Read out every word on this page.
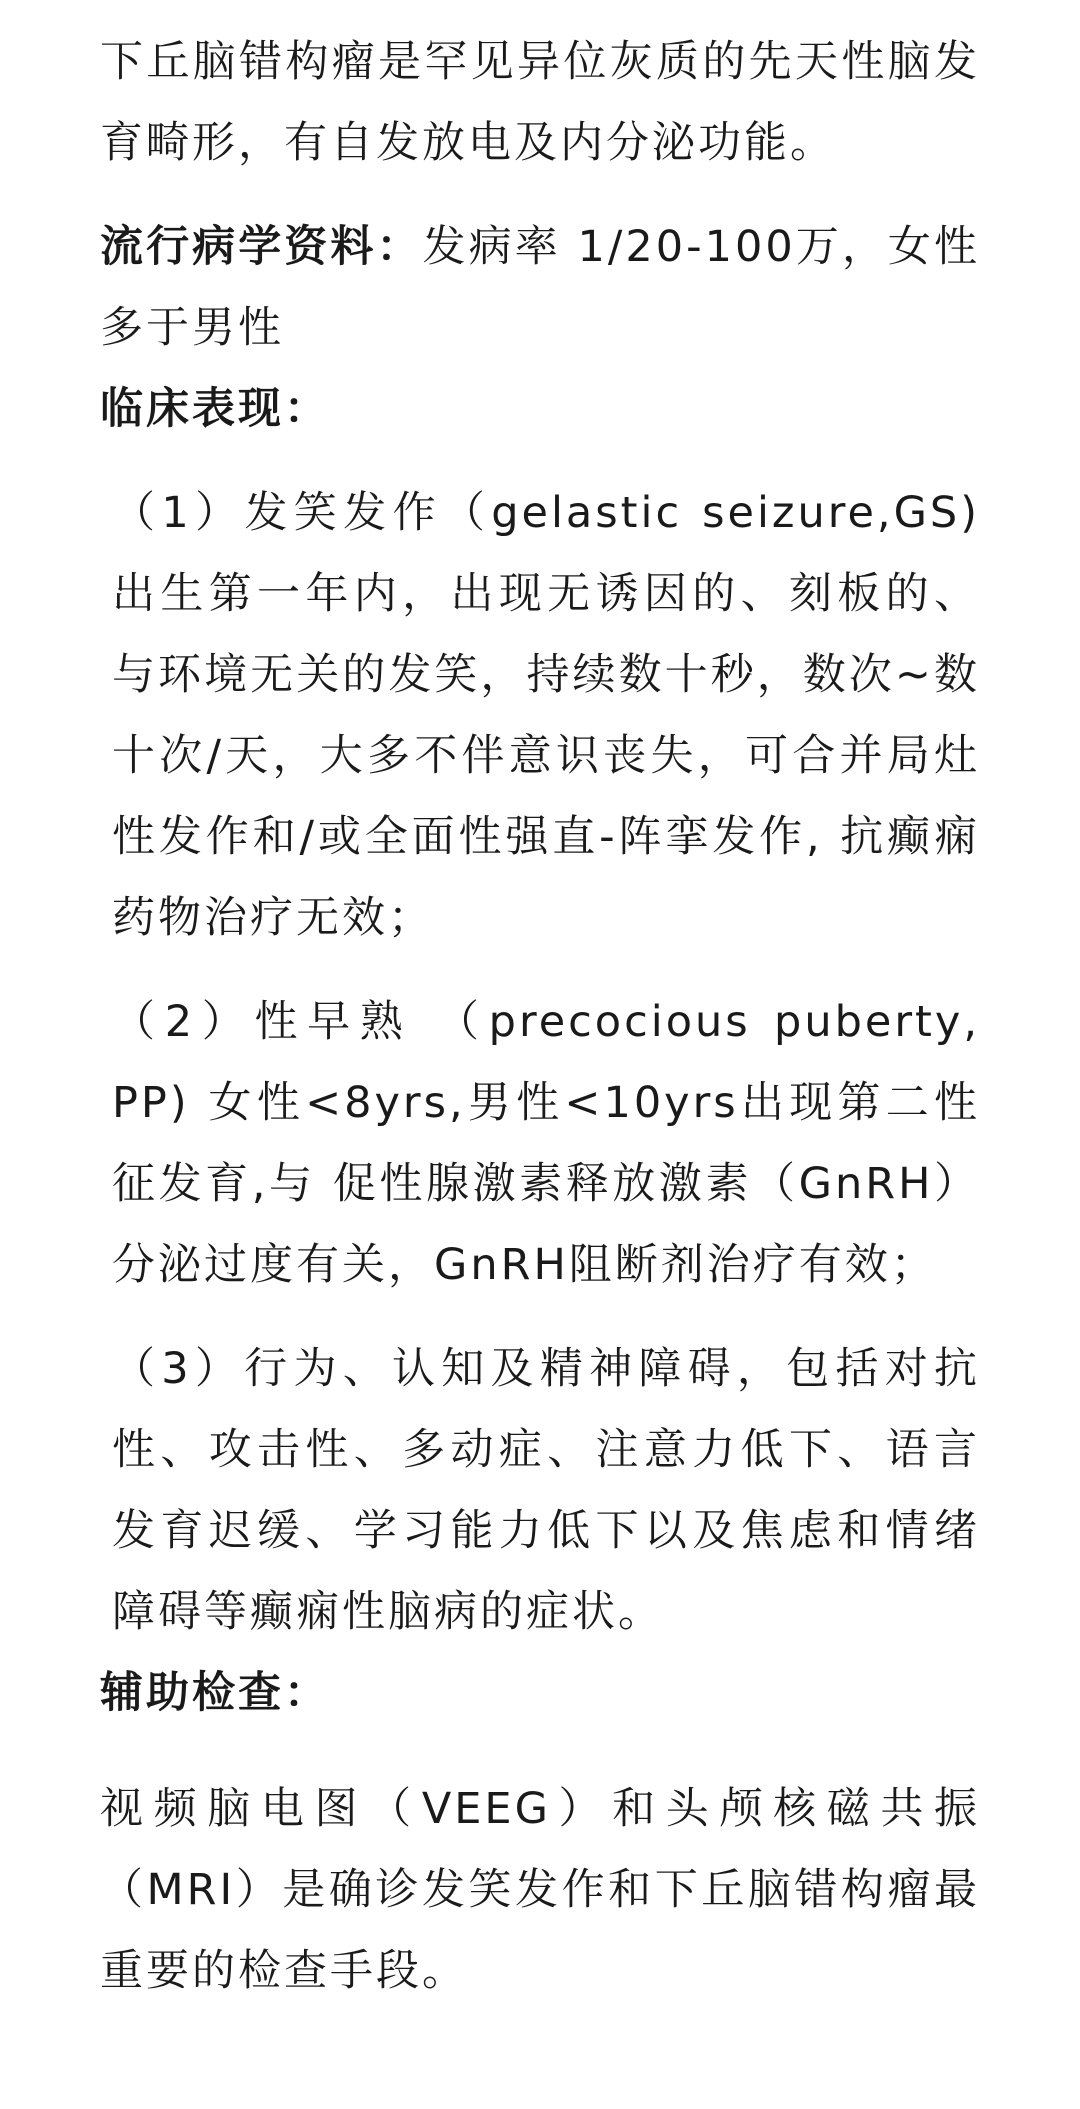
下丘脑错构瘤是罕见异位灰质的先天性脑发育畸形，有自发放电及内分泌功能。

流行病学资料：发病率 1/20-100万，女性多于男性

临床表现：

（1）发笑发作（gelastic seizure,GS) 出生第一年内，出现无诱因的、刻板的、与环境无关的发笑，持续数十秒，数次~数十次/天，大多不伴意识丧失，可合并局灶性发作和/或全面性强直-阵挛发作, 抗癫痫药物治疗无效；

（2）性早熟 （precocious puberty, PP) 女性<8yrs,男性<10yrs出现第二性征发育,与 促性腺激素释放激素（GnRH）分泌过度有关，GnRH阻断剂治疗有效；

（3）行为、认知及精神障碍，包括对抗性、攻击性、多动症、注意力低下、语言发育迟缓、学习能力低下以及焦虑和情绪障碍等癫痫性脑病的症状。

辅助检查：

视频脑电图（VEEG）和头颅核磁共振（MRI）是确诊发笑发作和下丘脑错构瘤最重要的检查手段。
